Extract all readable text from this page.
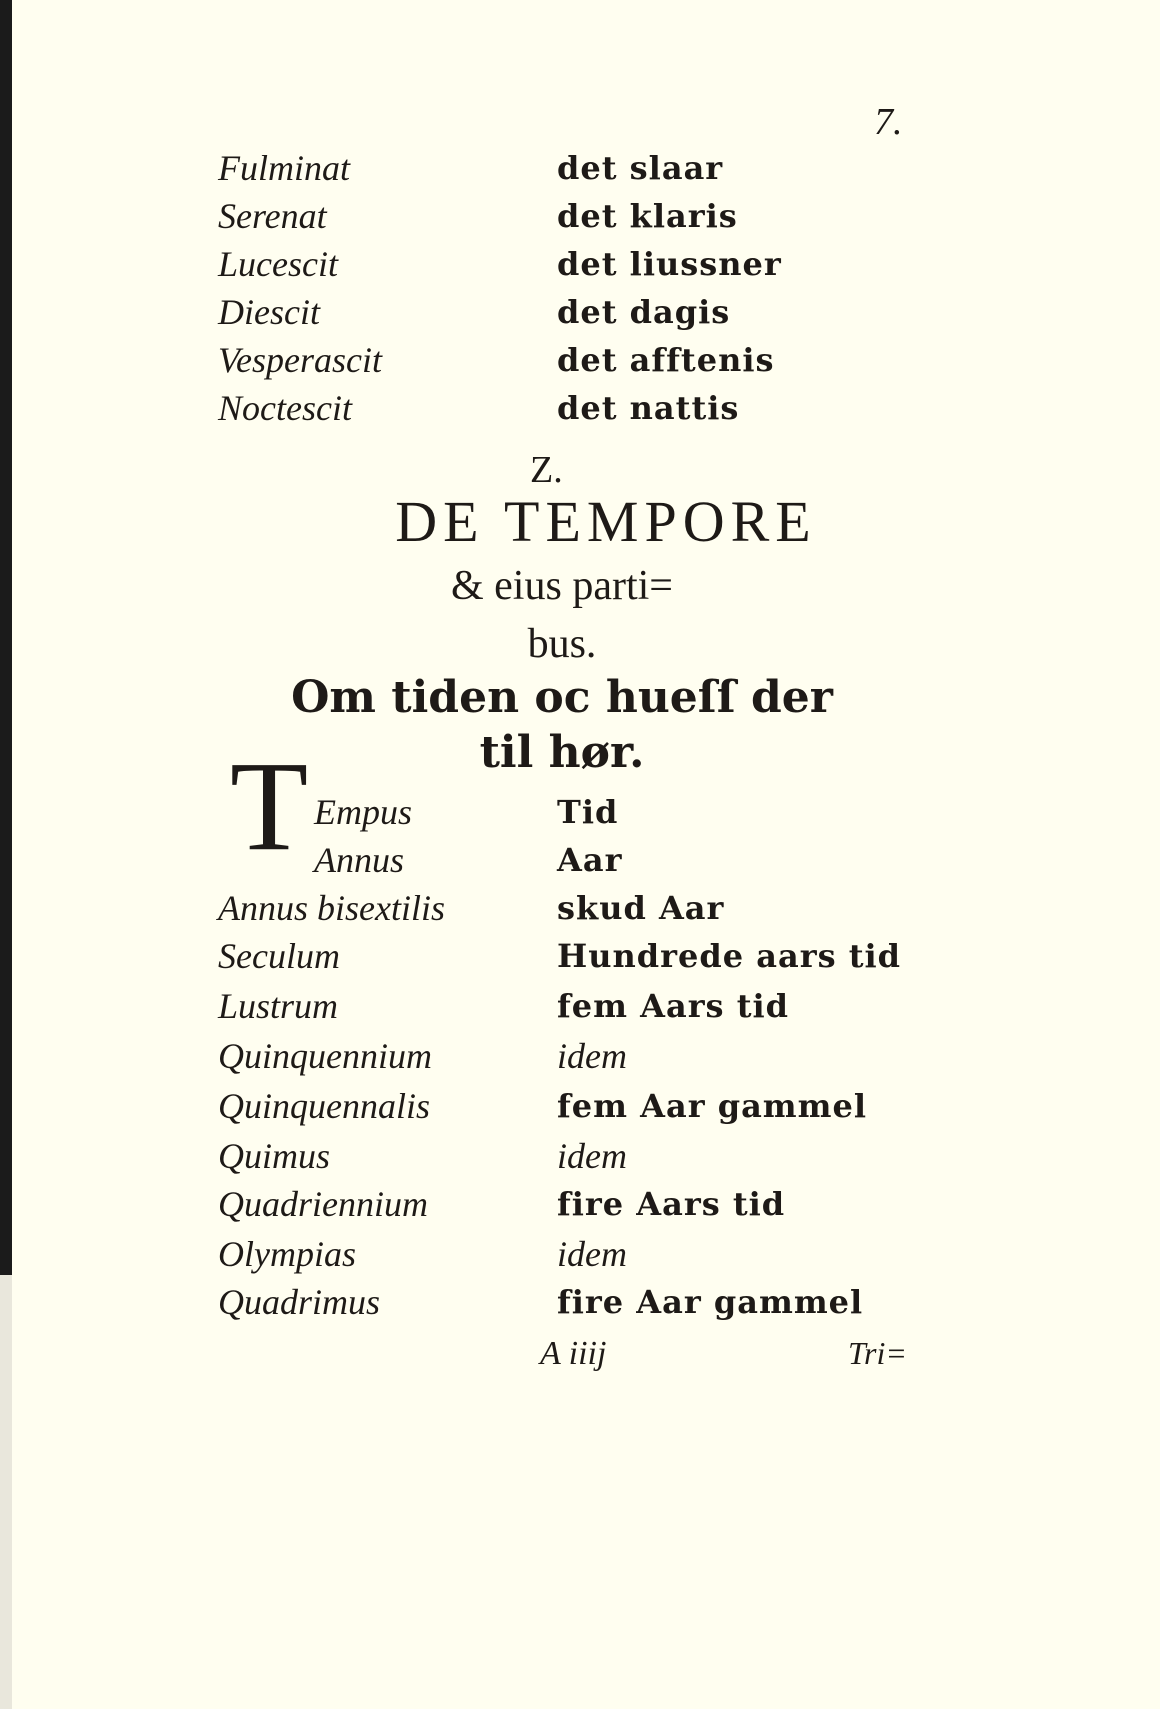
7.
Fulminat	det slaar
Serenat	det klaris
Lucescit	det liussner
Diescit	det dagis
Vesperascit	det afftenis
Noctescit	det nattis
Z.
DE TEMPORE
& eius parti=
bus.
Om tiden oc hueſſ der
til hør.
T Empus	Tid
Annus	Aar
Annus bisextilis	skud Aar
Seculum	Hundrede aars tid
Lustrum	fem Aars tid
Quinquennium	idem
Quinquennalis	fem Aar gammel
Quimus	idem
Quadriennium	fire Aars tid
Olympias	idem
Quadrimus	fire Aar gammel
A iiij	Tri=
